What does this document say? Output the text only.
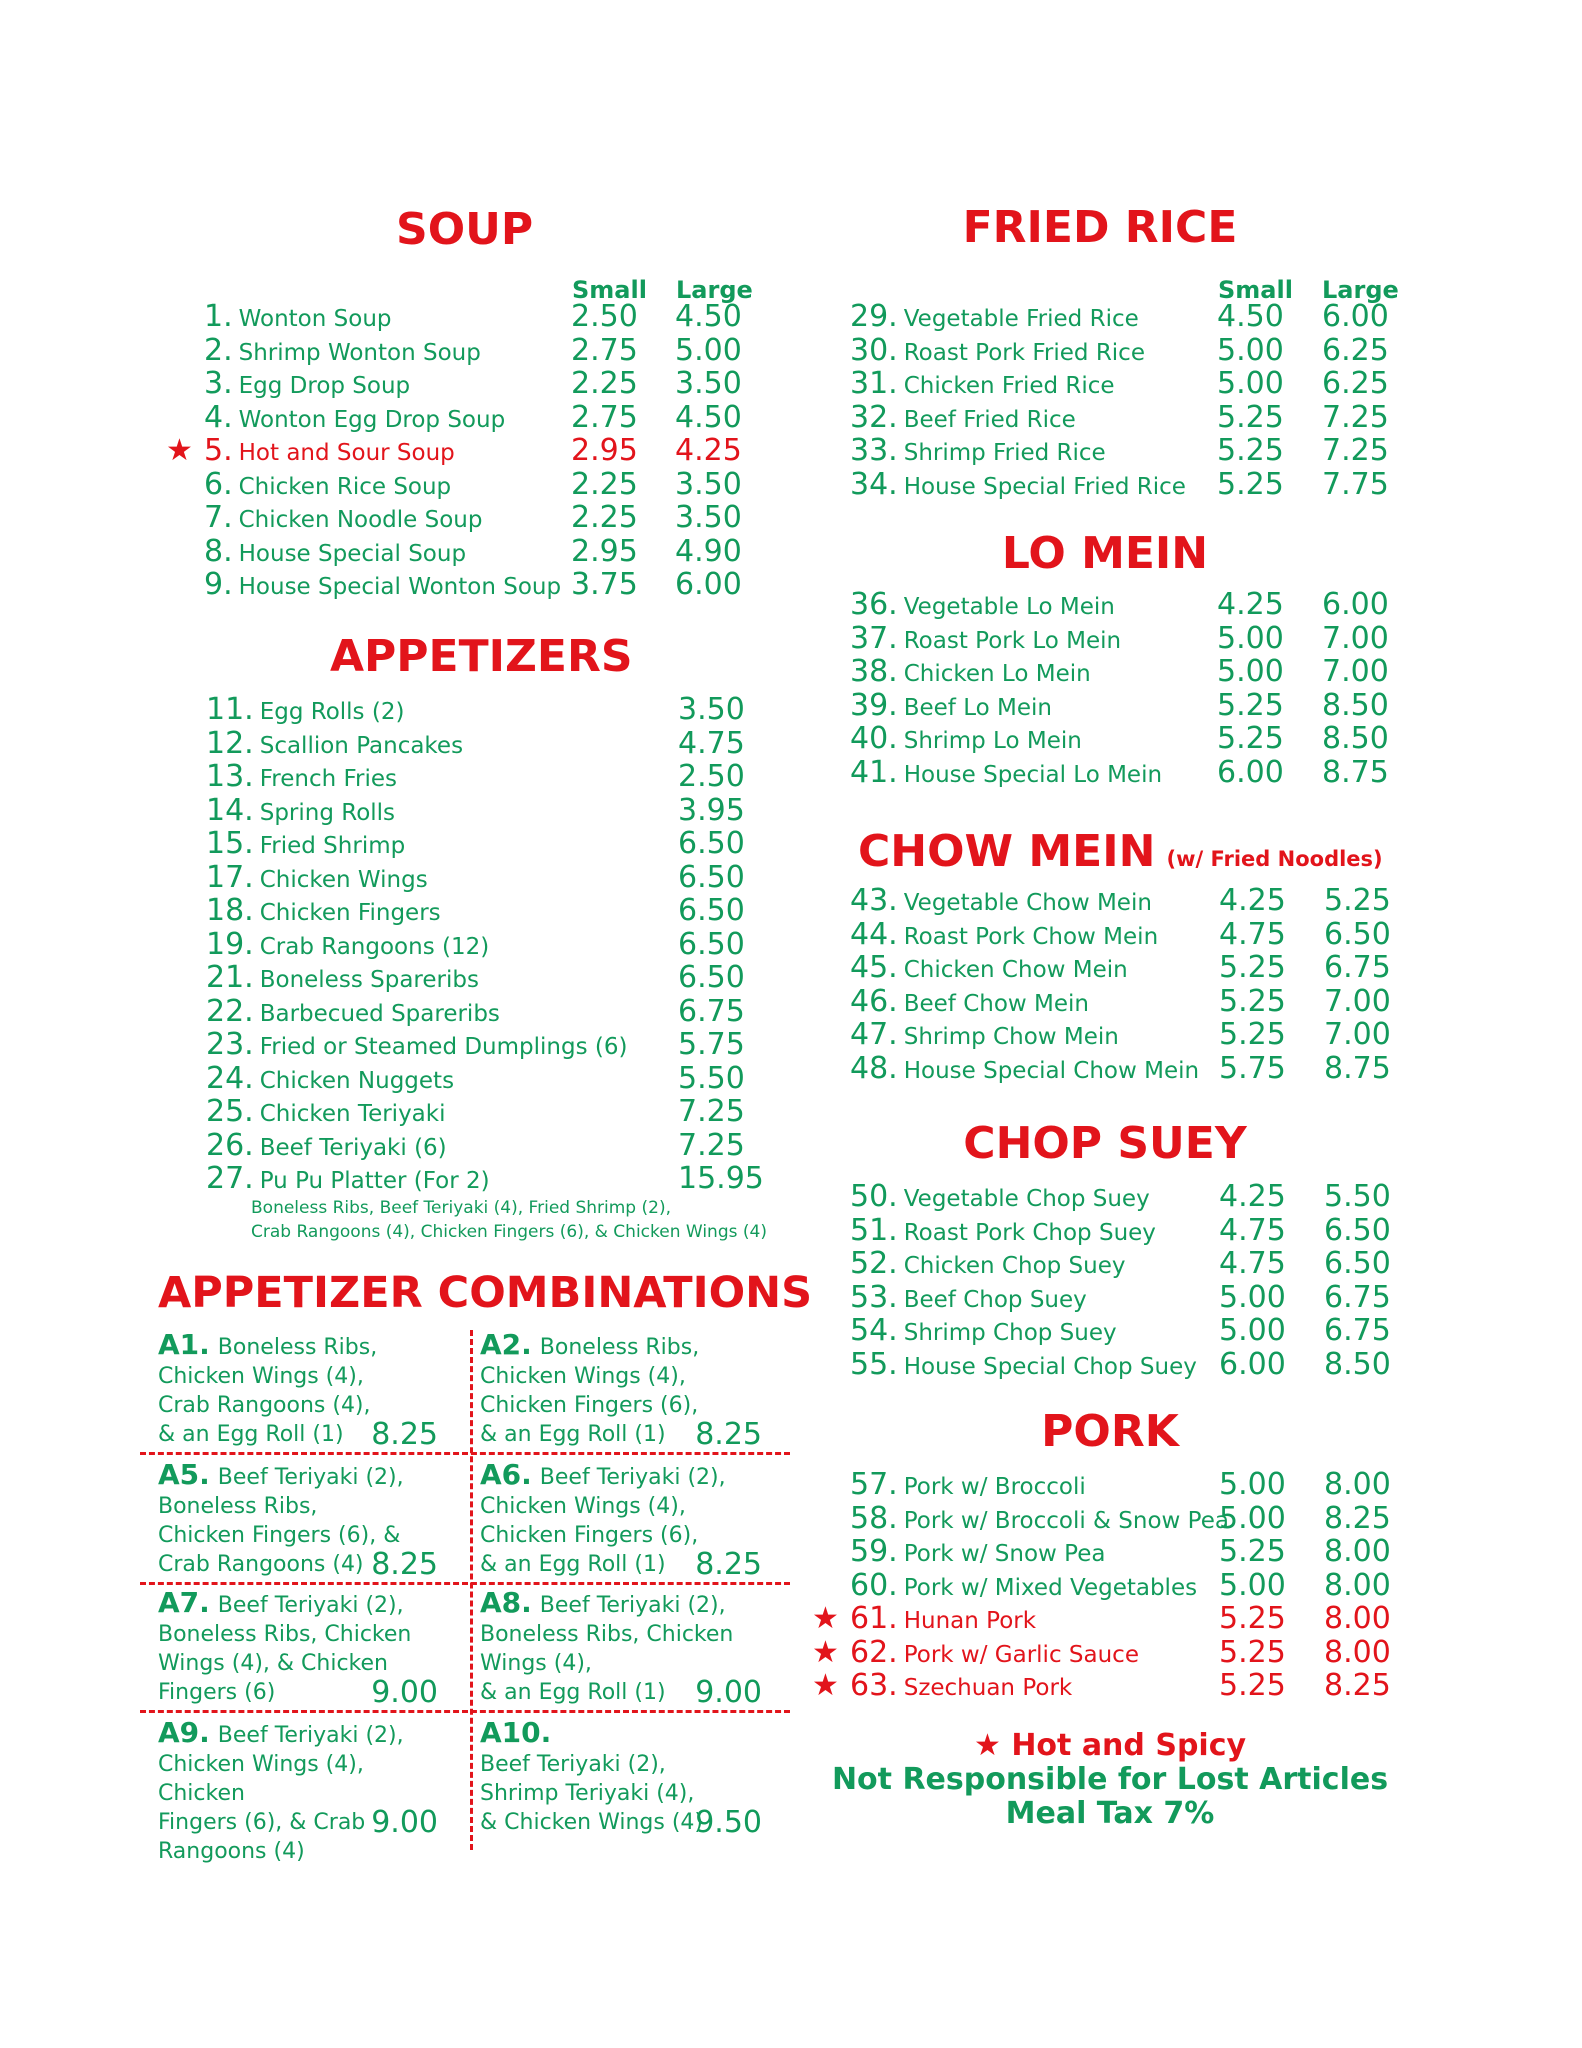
SOUP
Small Large
1. Wonton Soup	2.50 4.50
2. Shrimp Wonton Soup	2.75 5.00
3. Egg Drop Soup	2.25 3.50
4. Wonton Egg Drop Soup 2.75 4.50
★ 5. Hot and Sour Soup	2.95 4.25
6. Chicken Rice Soup	2.25 3.50
7. Chicken Noodle Soup	2.25 3.50
8. House Special Soup	2.95 4.90
9. House Special Wonton Soup 3.75 6.00
APPETIZERS
11. Egg Rolls (2)	3.50
12. Scallion Pancakes	4.75
13. French Fries	2.50
14. Spring Rolls	3.95
15. Fried Shrimp	6.50
17. Chicken Wings	6.50
18. Chicken Fingers	6.50
19. Crab Rangoons (12)	6.50
21. Boneless Spareribs	6.50
22. Barbecued Spareribs	6.75
23. Fried or Steamed Dumplings (6) 5.75
24. Chicken Nuggets	5.50
25. Chicken Teriyaki	7.25
26. Beef Teriyaki (6)	7.25
27. Pu Pu Platter (For 2)	15.95
Boneless Ribs, Beef Teriyaki (4), Fried Shrimp (2),
Crab Rangoons (4), Chicken Fingers (6), & Chicken Wings (4)
APPETIZER COMBINATIONS
A1. Boneless Ribs,
Chicken Wings (4),
Crab Rangoons (4),
& an Egg Roll (1) 8.25
A2. Boneless Ribs,
Chicken Wings (4),
Chicken Fingers (6),
& an Egg Roll (1) 8.25
A5. Beef Teriyaki (2),
Boneless Ribs,
Chicken Fingers (6), &
Crab Rangoons (4) 8.25
A6. Beef Teriyaki (2),
Chicken Wings (4),
Chicken Fingers (6),
& an Egg Roll (1) 8.25
A7. Beef Teriyaki (2),
Boneless Ribs, Chicken
Wings (4), & Chicken
Fingers (6)	9.00
A8. Beef Teriyaki (2),
Boneless Ribs, Chicken
Wings (4),
& an Egg Roll (1) 9.00
A9. Beef Teriyaki (2),
Chicken Wings (4), Chicken
Fingers (6), & Crab
Rangoons (4)
9.00
A10.
Beef Teriyaki (2),
Shrimp Teriyaki (4),
& Chicken Wings (4)
9.50
FRIED RICE
Small Large
29. Vegetable Fried Rice	4.50 6.00
30. Roast Pork Fried Rice 5.00 6.25
31. Chicken Fried Rice	5.00 6.25
32. Beef Fried Rice	5.25 7.25
33. Shrimp Fried Rice	5.25 7.25
34. House Special Fried Rice 5.25 7.75
LO MEIN
36. Vegetable Lo Mein	4.25 6.00
37. Roast Pork Lo Mein	5.00 7.00
38. Chicken Lo Mein	5.00 7.00
39. Beef Lo Mein	5.25 8.50
40. Shrimp Lo Mein	5.25 8.50
41. House Special Lo Mein 6.00 8.75
CHOW MEIN (w/ Fried Noodles)
43. Vegetable Chow Mein 4.25 5.25
44. Roast Pork Chow Mein 4.75 6.50
45. Chicken Chow Mein	5.25 6.75
46. Beef Chow Mein	5.25 7.00
47. Shrimp Chow Mein	5.25 7.00
48. House Special Chow Mein 5.75 8.75
CHOP SUEY
50. Vegetable Chop Suey 4.25 5.50
51. Roast Pork Chop Suey 4.75 6.50
52. Chicken Chop Suey	4.75 6.50
53. Beef Chop Suey	5.00 6.75
54. Shrimp Chop Suey	5.00 6.75
55. House Special Chop Suey 6.00 8.50
PORK
57. Pork w/ Broccoli	5.00 8.00
58. Pork w/ Broccoli & Snow Pea
5.00 8.25
59. Pork w/ Snow Pea	5.25 8.00
60. Pork w/ Mixed Vegetables 5.00 8.00
★ 61. Hunan Pork	5.25 8.00
★ 62. Pork w/ Garlic Sauce	5.25 8.00
★ 63. Szechuan Pork	5.25 8.25
★ Hot and Spicy
Not Responsible for Lost Articles
Meal Tax 7%
